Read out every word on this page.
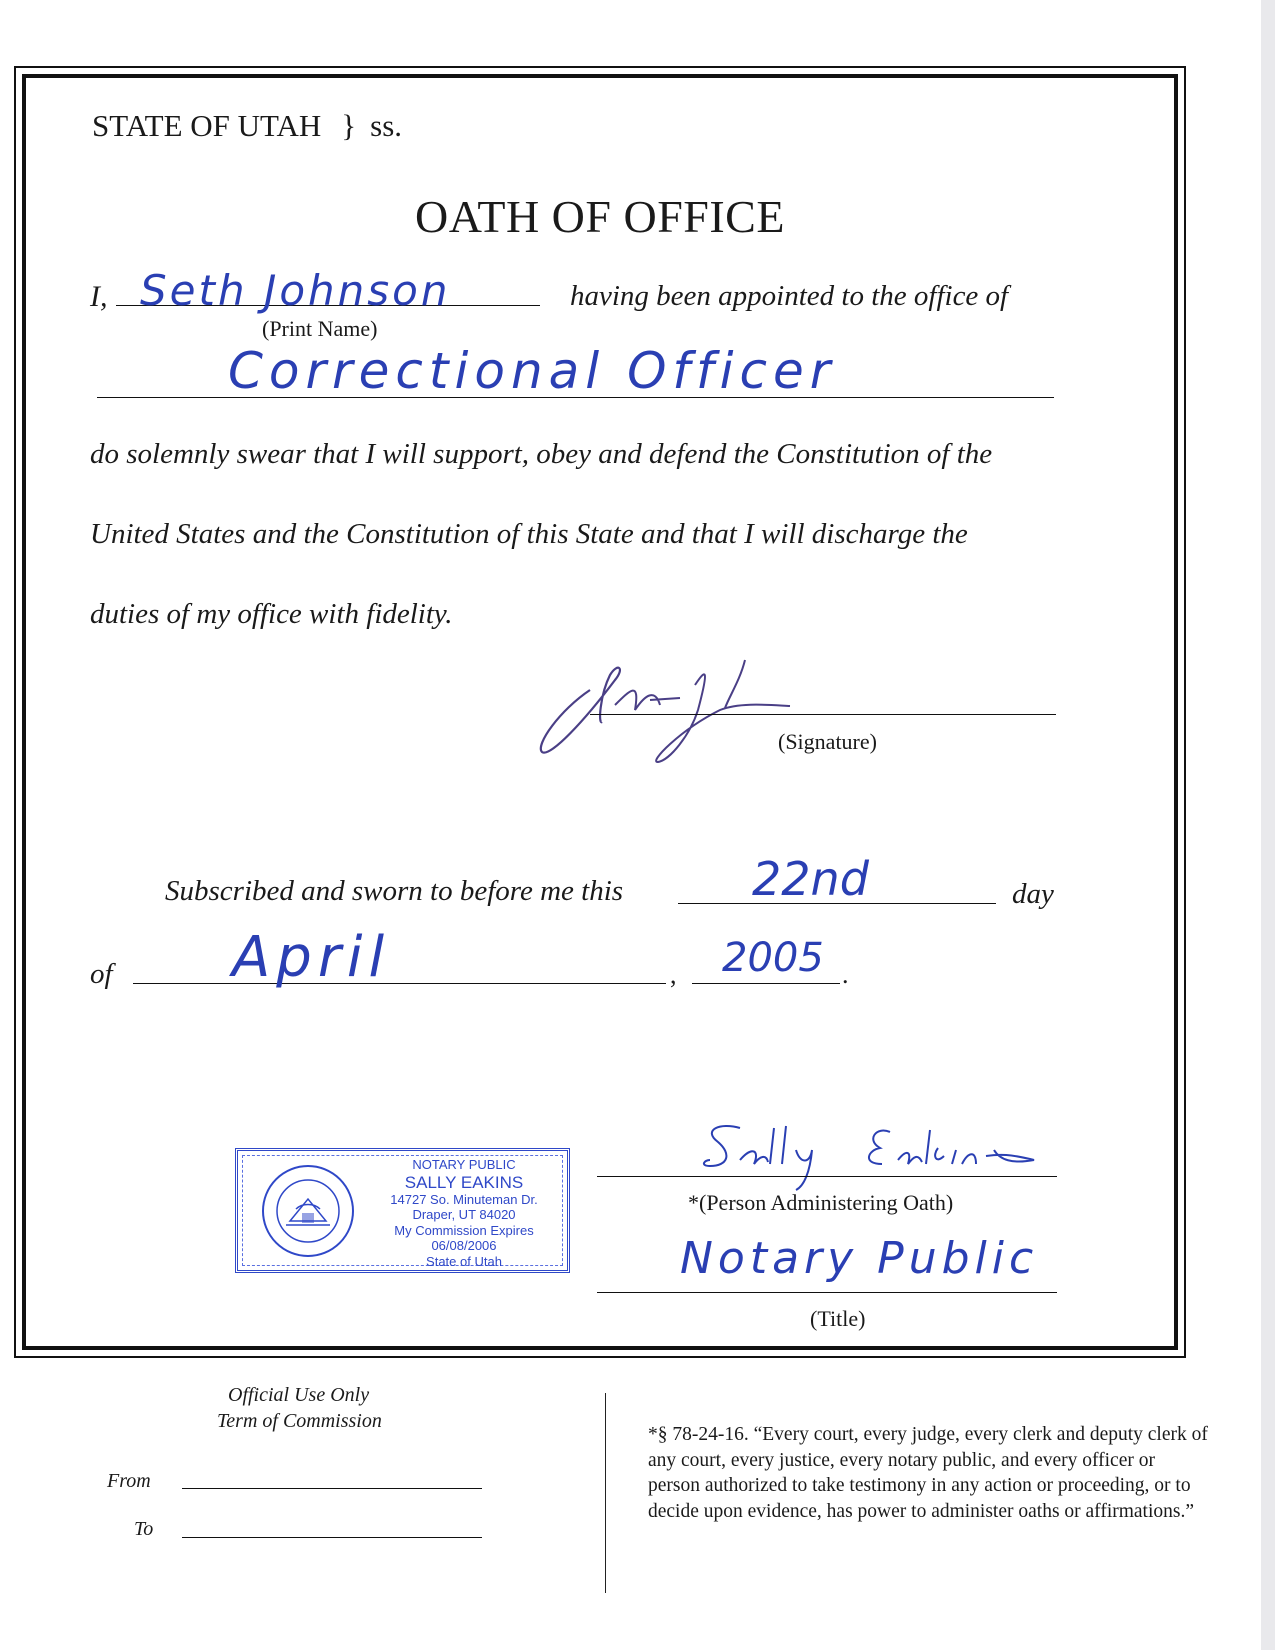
STATE OF UTAH } ss.
OATH OF OFFICE
I, Seth Johnson	having been appointed to the office of
(Print Name)
Correctional Officer
do solemnly swear that I will support, obey and defend the Constitution of the
United States and the Constitution of this State and that I will discharge the
duties of my office with fidelity.
(Signature)
Subscribed and sworn to before me this	22nd	day
of April	, 2005 .
NOTARY PUBLIC
SALLY EAKINS
14727 So. Minuteman Dr.
Draper, UT 84020
My Commission Expires 06/08/2006
State of Utah
*(Person Administering Oath)
Notary Public
(Title)
Official Use Only
Term of Commission
From
To
*§ 78-24-16. “Every court, every judge, every clerk and deputy clerk of any court, every justice, every notary public, and every officer or person authorized to take testimony in any action or proceeding, or to decide upon evidence, has power to administer oaths or affirmations.”
